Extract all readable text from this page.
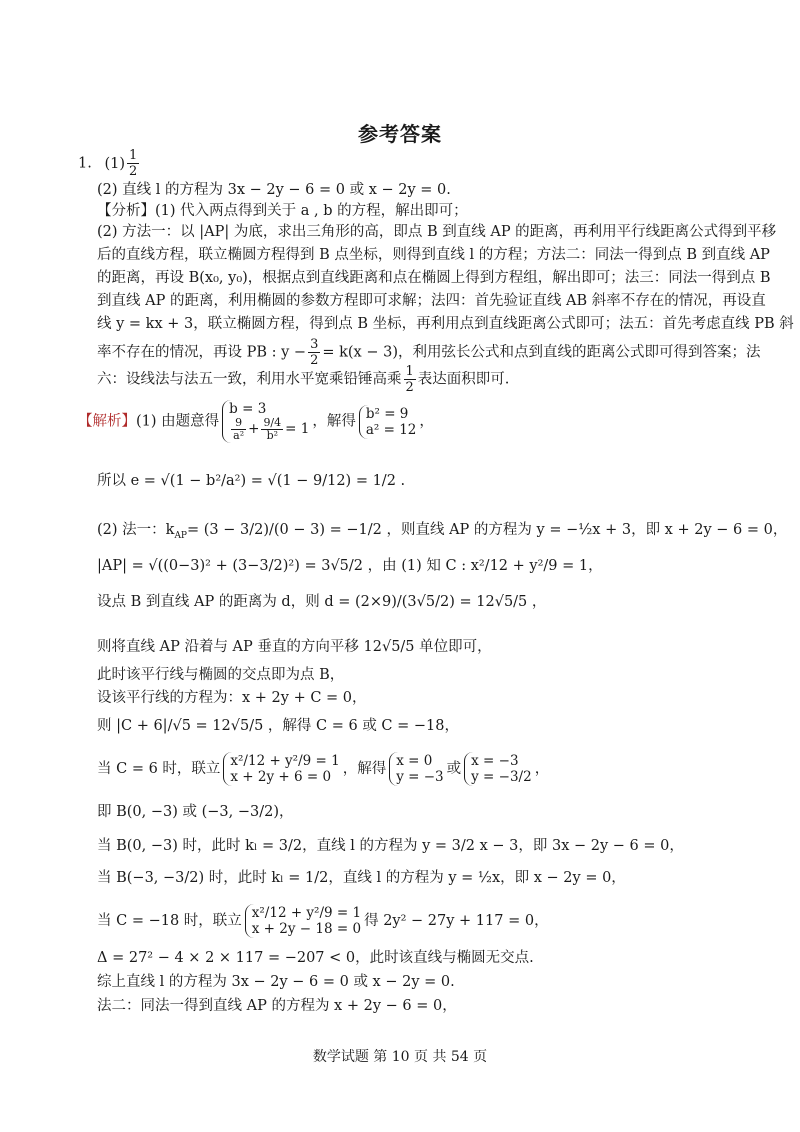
参考答案
1. $(1) \frac{1}{2}$
(2) 直线 l 的方程为 3x − 2y − 6 = 0 或 x − 2y = 0.
【分析】(1) 代入两点得到关于 a , b 的方程，解出即可；
(2) 方法一：以 |AP| 为底，求出三角形的高，即点 B 到直线 AP 的距离，再利用平行线距离公式得到平移
后的直线方程，联立椭圆方程得到 B 点坐标，则得到直线 l 的方程；方法二：同法一得到点 B 到直线 AP
的距离，再设 B(x₀, y₀)，根据点到直线距离和点在椭圆上得到方程组，解出即可；法三：同法一得到点 B
到直线 AP 的距离，利用椭圆的参数方程即可求解；法四：首先验证直线 AB 斜率不存在的情况，再设直
线 y = kx + 3，联立椭圆方程，得到点 B 坐标，再利用点到直线距离公式即可；法五：首先考虑直线 PB 斜
率不存在的情况，再设 PB : $y - \frac{3}{2} = k(x - 3)$，利用弦长公式和点到直线的距离公式即可得到答案；法
六：设线法与法五一致，利用水平宽乘铅锤高乘 $\frac{1}{2}$ 表达面积即可.
【解析】(1) 由题意得
b = 3
$\frac{9}{\text{a²}} + \frac{9/4}{\text{b²}} = 1$ ，解得 b² = 9
a² = 12 ，
所以 e = √(1 − b²/a²) = √(1 − 9/12) = 1/2 .
(2) 法一：$k_{AP}= (3 - 3/2)/(0 - 3) = -1/2$ ，则直线 AP 的方程为 y = −½x + 3，即 x + 2y − 6 = 0，
|AP| = √((0−3)² + (3−3/2)²) = 3√5/2 ，由 (1) 知 C : x²/12 + y²/9 = 1，
设点 B 到直线 AP 的距离为 d，则 d = (2×9)/(3√5/2) = 12√5/5 ，
则将直线 AP 沿着与 AP 垂直的方向平移 12√5/5 单位即可，
此时该平行线与椭圆的交点即为点 B，
设该平行线的方程为：x + 2y + C = 0，
则 |C + 6|/√5 = 12√5/5 ，解得 C = 6 或 C = −18，
当 C = 6 时，联立 x²/12 + y²/9 = 1
x + 2y + 6 = 0 ，解得 x = 0
y = −3 或 x = −3
y = −3/2 ，
即 B(0, −3) 或 (−3, −3/2)，
当 B(0, −3) 时，此时 kₗ = 3/2，直线 l 的方程为 y = 3/2 x − 3，即 3x − 2y − 6 = 0，
当 B(−3, −3/2) 时，此时 kₗ = 1/2，直线 l 的方程为 y = ½x，即 x − 2y = 0，
当 C = −18 时，联立 x²/12 + y²/9 = 1
x + 2y − 18 = 0 得 2y² − 27y + 117 = 0，
Δ = 27² − 4 × 2 × 117 = −207 < 0，此时该直线与椭圆无交点.
综上直线 l 的方程为 3x − 2y − 6 = 0 或 x − 2y = 0.
法二：同法一得到直线 AP 的方程为 x + 2y − 6 = 0，
数学试题 第 10 页 共 54 页
